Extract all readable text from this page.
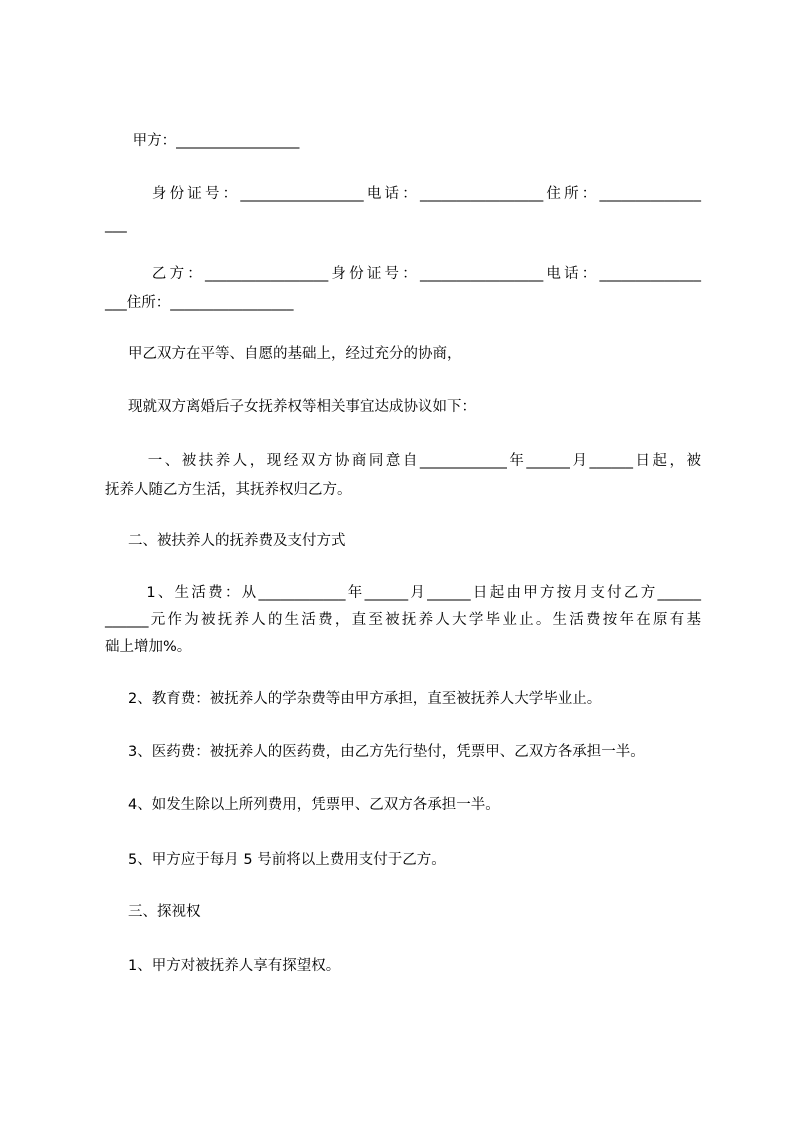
甲方：_________________
身份证号：_________________电话：_________________住所：______________
___
乙方：_________________身份证号：_________________电话：______________
___住所：_________________
甲乙双方在平等、自愿的基础上，经过充分的协商，
现就双方离婚后子女抚养权等相关事宜达成协议如下：
一、被扶养人，现经双方协商同意自____________年______月______日起，被
抚养人随乙方生活，其抚养权归乙方。
二、被扶养人的抚养费及支付方式
1、生活费：从____________年______月______日起由甲方按月支付乙方______
______元作为被抚养人的生活费，直至被抚养人大学毕业止。生活费按年在原有基
础上增加%。
2、教育费：被抚养人的学杂费等由甲方承担，直至被抚养人大学毕业止。
3、医药费：被抚养人的医药费，由乙方先行垫付，凭票甲、乙双方各承担一半。
4、如发生除以上所列费用，凭票甲、乙双方各承担一半。
5、甲方应于每月 5 号前将以上费用支付于乙方。
三、探视权
1、甲方对被抚养人享有探望权。
